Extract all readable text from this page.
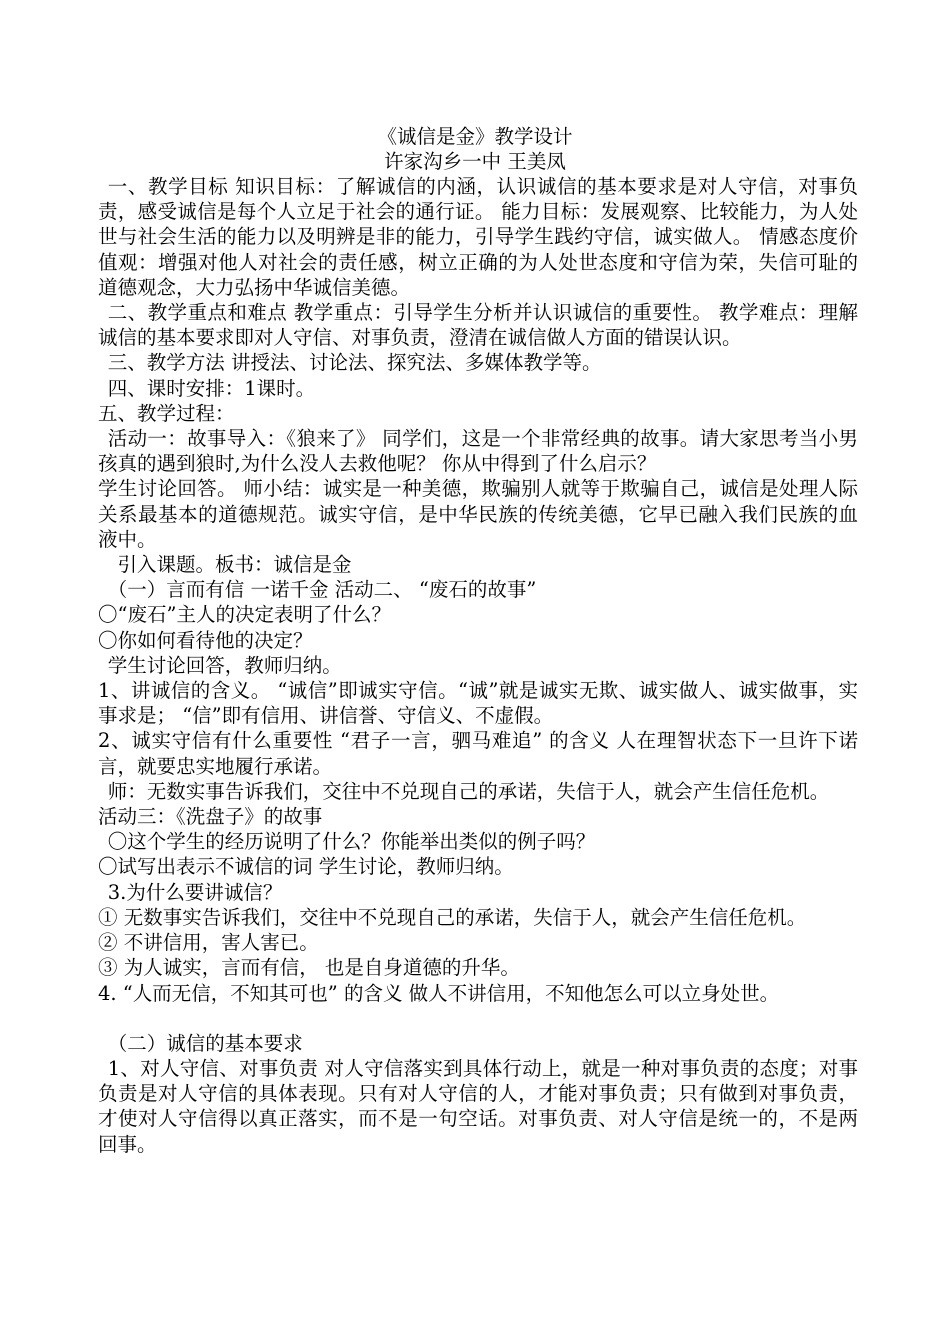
《诚信是金》教学设计
许家沟乡一中 王美凤

一、教学目标 知识目标：了解诚信的内涵，认识诚信的基本要求是对人守信，对事负责，感受诚信是每个人立足于社会的通行证。 能力目标：发展观察、比较能力，为人处世与社会生活的能力以及明辨是非的能力，引导学生践约守信，诚实做人。 情感态度价值观：增强对他人对社会的责任感，树立正确的为人处世态度和守信为荣，失信可耻的道德观念，大力弘扬中华诚信美德。

二、教学重点和难点 教学重点：引导学生分析并认识诚信的重要性。 教学难点：理解诚信的基本要求即对人守信、对事负责，澄清在诚信做人方面的错误认识。

三、教学方法 讲授法、讨论法、探究法、多媒体教学等。

四、课时安排：1课时。

五、教学过程：

活动一：故事导入：《狼来了》 同学们，这是一个非常经典的故事。请大家思考当小男孩真的遇到狼时,为什么没人去救他呢？ 你从中得到了什么启示？

学生讨论回答。 师小结：诚实是一种美德，欺骗别人就等于欺骗自己，诚信是处理人际关系最基本的道德规范。诚实守信，是中华民族的传统美德，它早已融入我们民族的血液中。

引入课题。板书：诚信是金

（一）言而有信 一诺千金 活动二、 “废石的故事”

〇“废石”主人的决定表明了什么？

〇你如何看待他的决定？

学生讨论回答，教师归纳。

1、讲诚信的含义。 “诚信”即诚实守信。“诚”就是诚实无欺、诚实做人、诚实做事，实事求是； “信”即有信用、讲信誉、守信义、不虚假。

2、诚实守信有什么重要性 “君子一言，驷马难追” 的含义 人在理智状态下一旦许下诺言，就要忠实地履行承诺。

师：无数实事告诉我们，交往中不兑现自己的承诺，失信于人，就会产生信任危机。

活动三：《洗盘子》的故事

〇这个学生的经历说明了什么？你能举出类似的例子吗？

〇试写出表示不诚信的词 学生讨论，教师归纳。

3.为什么要讲诚信？

① 无数事实告诉我们，交往中不兑现自己的承诺，失信于人，就会产生信任危机。

② 不讲信用，害人害已。

③ 为人诚实，言而有信， 也是自身道德的升华。

4. “人而无信，不知其可也” 的含义 做人不讲信用，不知他怎么可以立身处世。

（二）诚信的基本要求

1、对人守信、对事负责 对人守信落实到具体行动上，就是一种对事负责的态度；对事负责是对人守信的具体表现。只有对人守信的人，才能对事负责；只有做到对事负责，才使对人守信得以真正落实，而不是一句空话。对事负责、对人守信是统一的，不是两回事。
